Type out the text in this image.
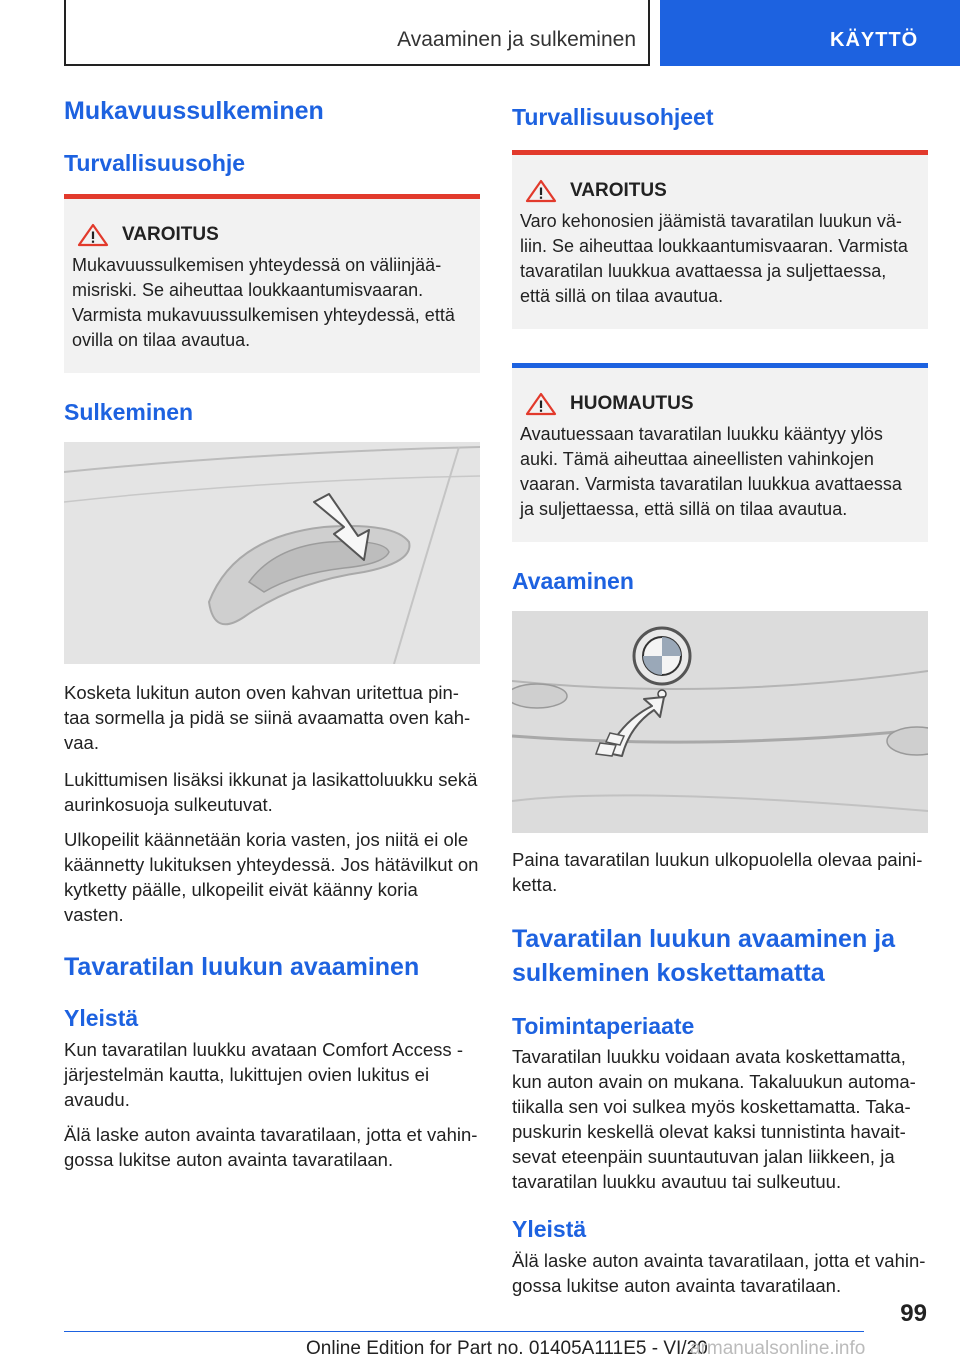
Avaaminen ja sulkeminen	KÄYTTÖ
Mukavuussulkeminen
Turvallisuusohje
VAROITUS

Mukavuussulkemisen yhteydessä on väliinjää-misriski. Se aiheuttaa loukkaantumisvaaran. Varmista mukavuussulkemisen yhteydessä, että ovilla on tilaa avautua.

Sulkeminen

Kosketa lukitun auton oven kahvan uritettua pin-taa sormella ja pidä se siinä avaamatta oven kah-vaa.

Lukittumisen lisäksi ikkunat ja lasikattoluukku sekä aurinkosuoja sulkeutuvat.

Ulkopeilit käännetään koria vasten, jos niitä ei ole käännetty lukituksen yhteydessä. Jos hätävilkut on kytketty päälle, ulkopeilit eivät käänny koria vasten.

Tavaratilan luukun avaaminen
Yleistä

Kun tavaratilan luukku avataan Comfort Access -järjestelmän kautta, lukittujen ovien lukitus ei avaudu.

Älä laske auton avainta tavaratilaan, jotta et vahin-gossa lukitse auton avainta tavaratilaan.

Turvallisuusohjeet
VAROITUS

Varo kehonosien jäämistä tavaratilan luukun vä-liin. Se aiheuttaa loukkaantumisvaaran. Varmista tavaratilan luukkua avattaessa ja suljettaessa, että sillä on tilaa avautua.

HUOMAUTUS

Avautuessaan tavaratilan luukku kääntyy ylös auki. Tämä aiheuttaa aineellisten vahinkojen vaaran. Varmista tavaratilan luukkua avattaessa ja suljettaessa, että sillä on tilaa avautua.

Avaaminen

Paina tavaratilan luukun ulkopuolella olevaa paini-ketta.

Tavaratilan luukun avaaminen ja sulkeminen koskettamatta
Toimintaperiaate

Tavaratilan luukku voidaan avata koskettamatta, kun auton avain on mukana. Takaluukun automa-tiikalla sen voi sulkea myös koskettamatta. Taka-puskurin keskellä olevat kaksi tunnistinta havait-sevat eteenpäin suuntautuvan jalan liikkeen, ja tavaratilan luukku avautuu tai sulkeutuu.

Yleistä

Älä laske auton avainta tavaratilaan, jotta et vahin-gossa lukitse auton avainta tavaratilaan.

99
Online Edition for Part no. 01405A111E5 - VI/20
armanualsonline.info
